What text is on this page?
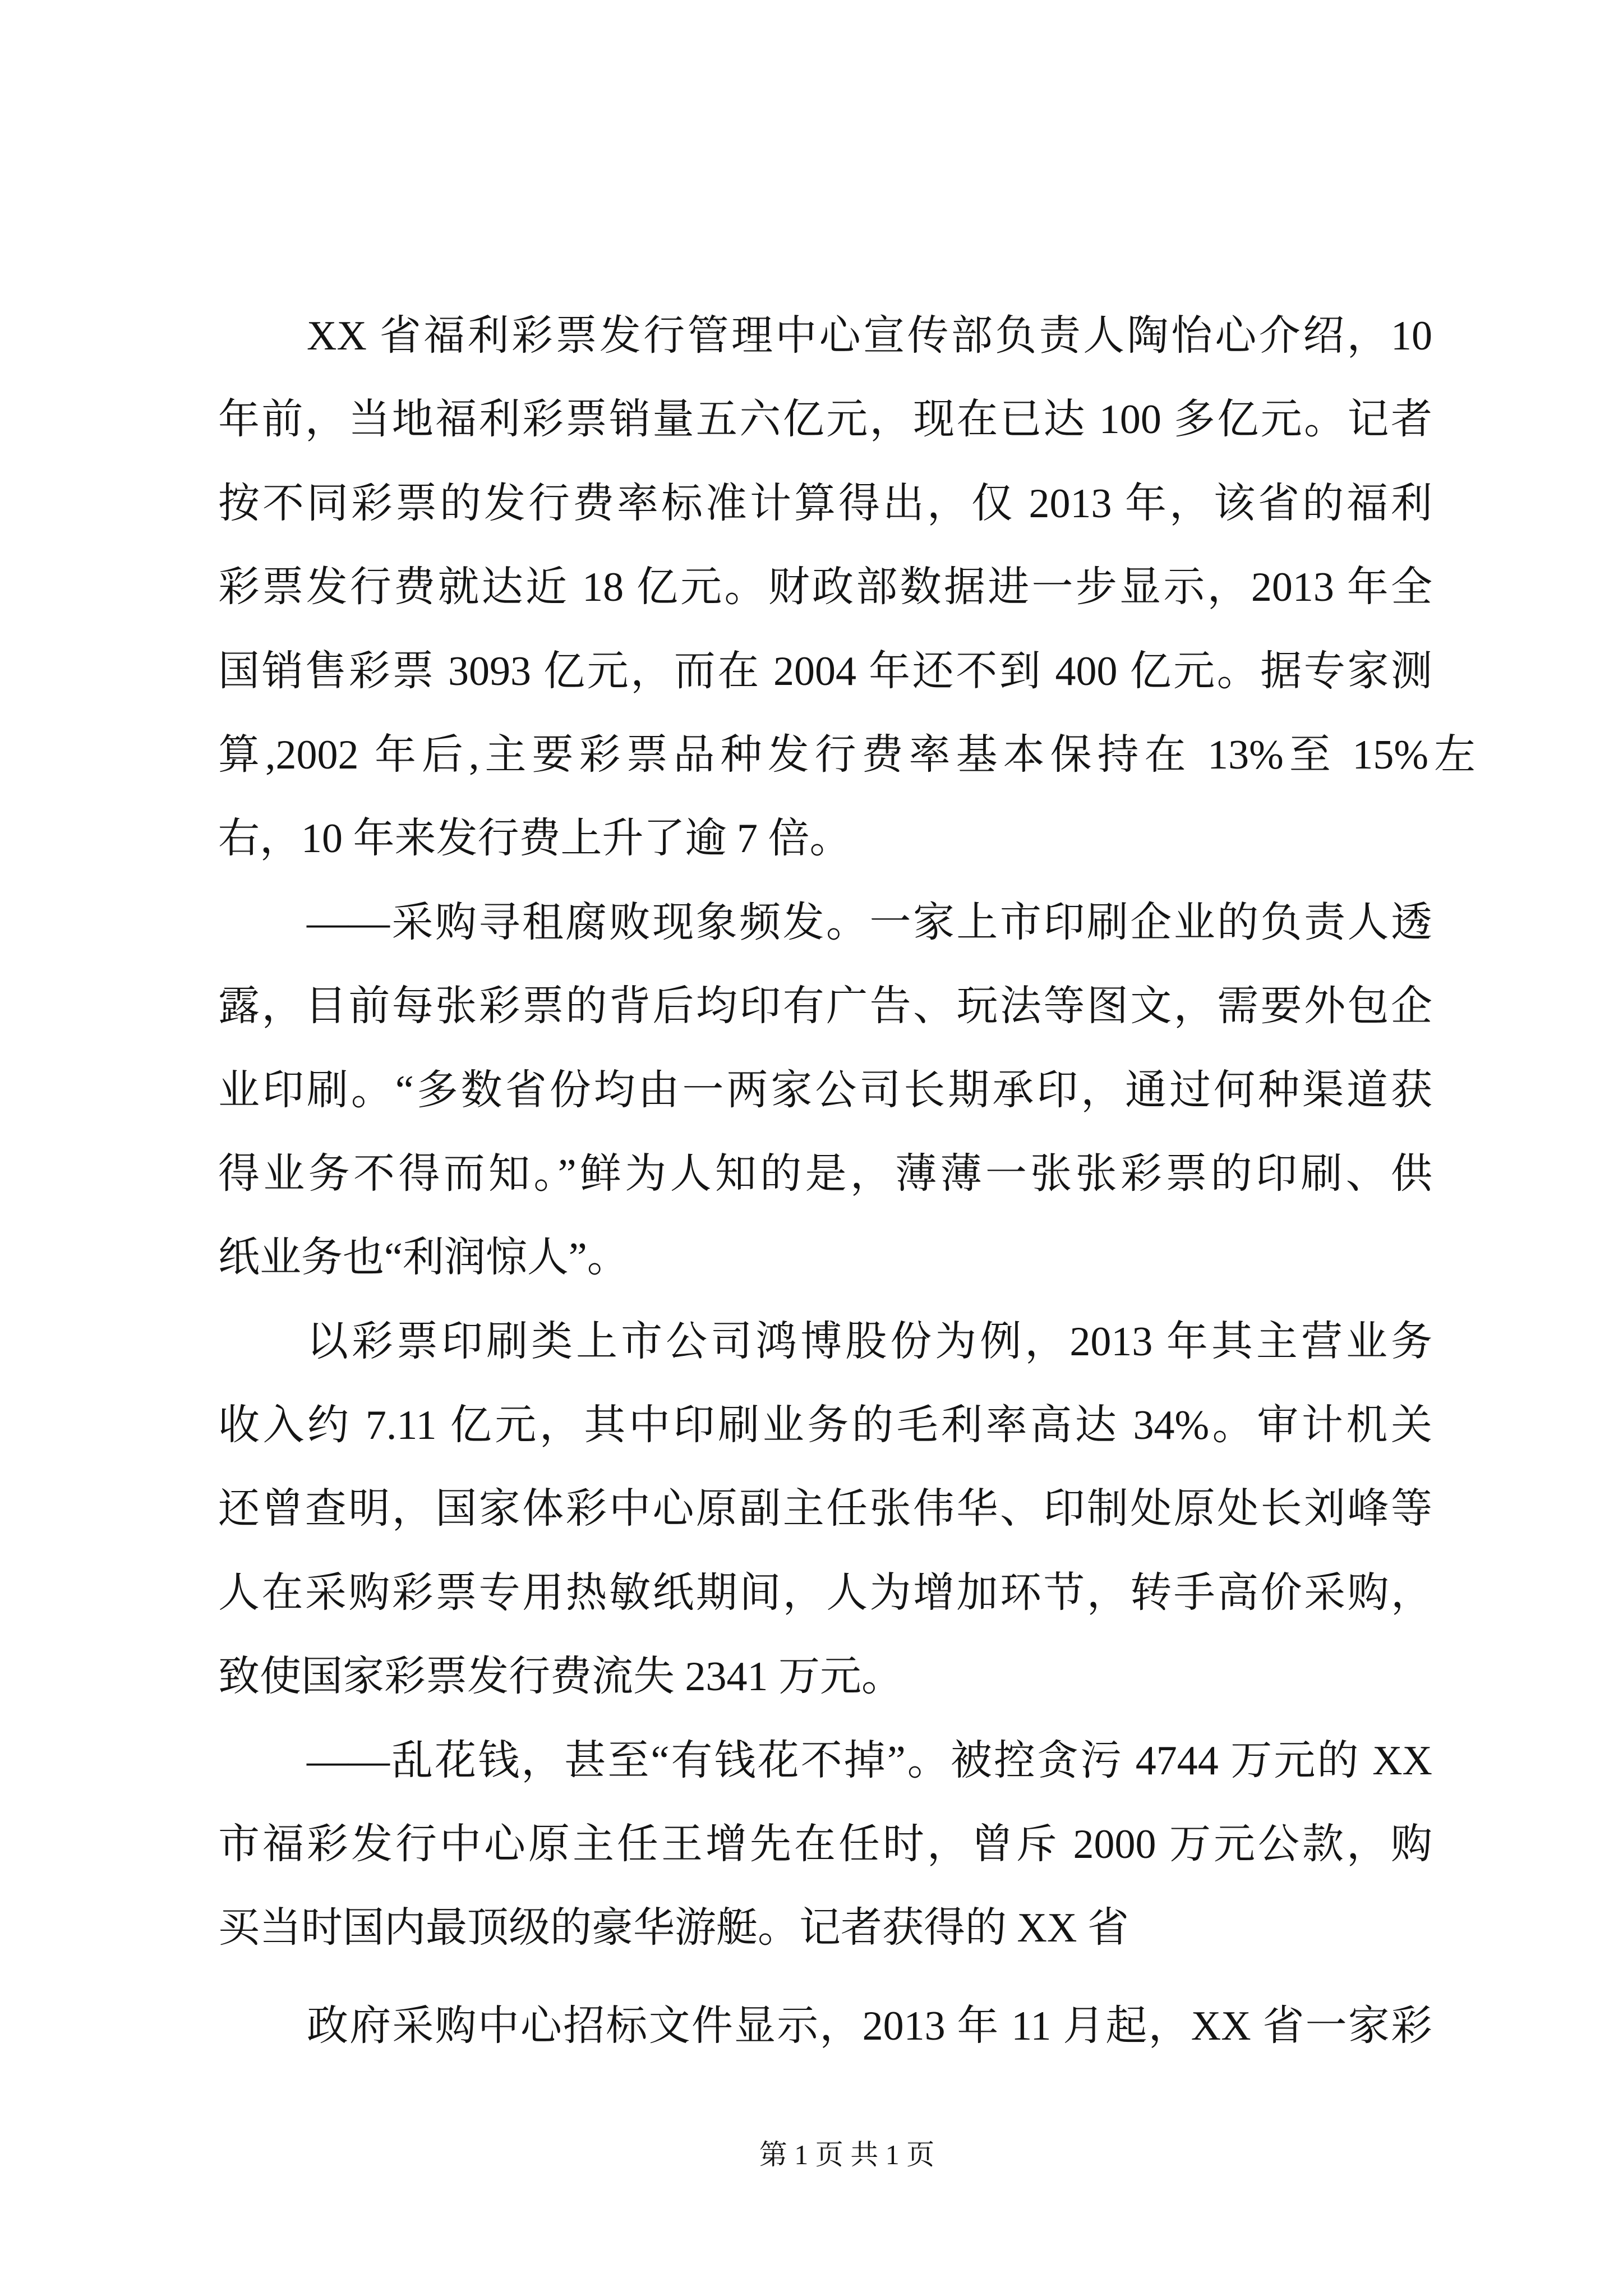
XX 省福利彩票发行管理中心宣传部负责人陶怡心介绍，10
年前，当地福利彩票销量五六亿元，现在已达 100 多亿元。记者
按不同彩票的发行费率标准计算得出，仅 2013 年，该省的福利
彩票发行费就达近 18 亿元。财政部数据进一步显示，2013 年全
国销售彩票 3093 亿元，而在 2004 年还不到 400 亿元。据专家测
算,2002 年后,主要彩票品种发行费率基本保持在 13%至 15%左
右，10 年来发行费上升了逾 7 倍。
——采购寻租腐败现象频发。一家上市印刷企业的负责人透
露，目前每张彩票的背后均印有广告、玩法等图文，需要外包企
业印刷。“多数省份均由一两家公司长期承印，通过何种渠道获
得业务不得而知。”鲜为人知的是，薄薄一张张彩票的印刷、供
纸业务也“利润惊人”。
以彩票印刷类上市公司鸿博股份为例，2013 年其主营业务
收入约 7.11 亿元，其中印刷业务的毛利率高达 34%。审计机关
还曾查明，国家体彩中心原副主任张伟华、印制处原处长刘峰等
人在采购彩票专用热敏纸期间，人为增加环节，转手高价采购，
致使国家彩票发行费流失 2341 万元。
——乱花钱，甚至“有钱花不掉”。被控贪污 4744 万元的 XX
市福彩发行中心原主任王增先在任时，曾斥 2000 万元公款，购
买当时国内最顶级的豪华游艇。记者获得的 XX 省
政府采购中心招标文件显示，2013 年 11 月起，XX 省一家彩
第 1 页 共 1 页
